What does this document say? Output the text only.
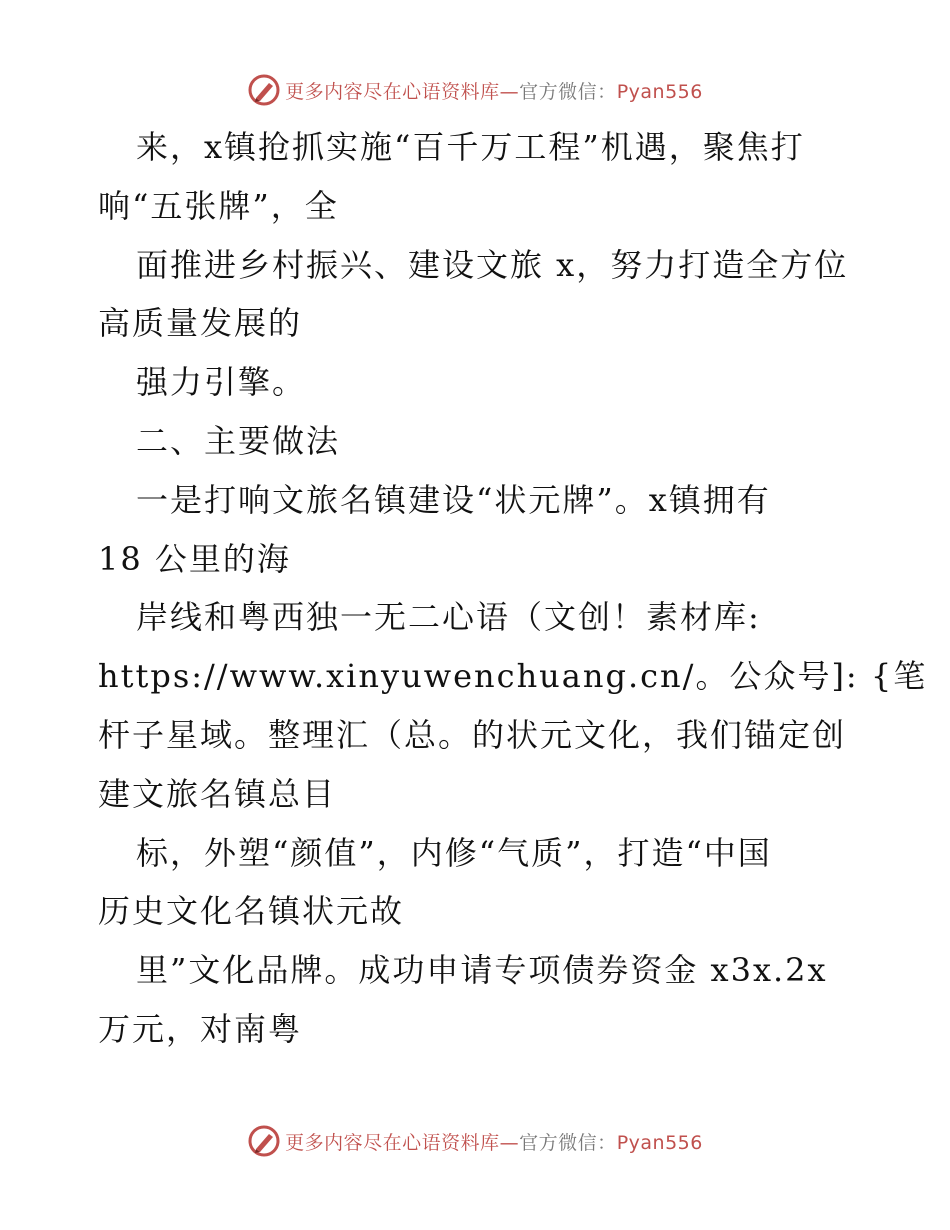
更多内容尽在心语资料库—官方微信：Pyan556
来，x镇抢抓实施“百千万工程”机遇，聚焦打
响“五张牌”，全
面推进乡村振兴、建设文旅 x，努力打造全方位
高质量发展的
强力引擎。
二、主要做法
一是打响文旅名镇建设“状元牌”。x镇拥有
18 公里的海
岸线和粤西独一无二心语（文创！素材库:
https://www.xinyuwenchuang.cn/。公众号]: {笔
杆子星域。整理汇（总。的状元文化，我们锚定创
建文旅名镇总目
标，外塑“颜值”，内修“气质”，打造“中国
历史文化名镇状元故
里”文化品牌。成功申请专项债券资金 x3x.2x
万元，对南粤
更多内容尽在心语资料库—官方微信：Pyan556
